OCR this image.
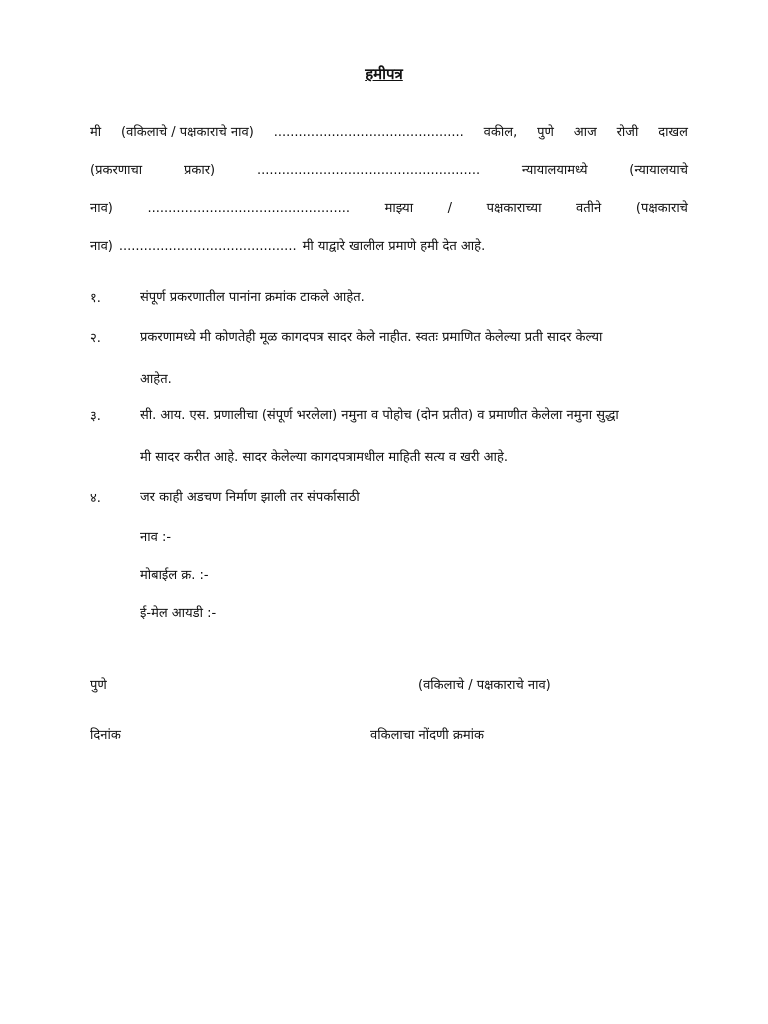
हमीपत्र
मी (वकिलाचे / पक्षकाराचे नाव) .............................................. वकील, पुणे आज रोजी दाखल
(प्रकरणाचा	प्रकार)	......................................................	न्यायालयामध्ये	(न्यायालयाचे
नाव)	.................................................	माझ्या	/	पक्षकाराच्या	वतीने	(पक्षकाराचे
नाव) ........................................... मी याद्वारे खालील प्रमाणे हमी देत आहे.
१.	संपूर्ण प्रकरणातील पानांना क्रमांक टाकले आहेत.
२.	प्रकरणामध्ये मी कोणतेही मूळ कागदपत्र सादर केले नाहीत. स्वतः प्रमाणित केलेल्या प्रती सादर केल्या
आहेत.
३.	सी. आय. एस. प्रणालीचा (संपूर्ण भरलेला) नमुना व पोहोच (दोन प्रतीत) व प्रमाणीत केलेला नमुना सुद्धा
मी सादर करीत आहे. सादर केलेल्या कागदपत्रामधील माहिती सत्य व खरी आहे.
४.	जर काही अडचण निर्माण झाली तर संपर्कासाठी
नाव :-
मोबाईल क्र. :-
ई-मेल आयडी :-
पुणे	(वकिलाचे / पक्षकाराचे नाव)
दिनांक	वकिलाचा नोंदणी क्रमांक
